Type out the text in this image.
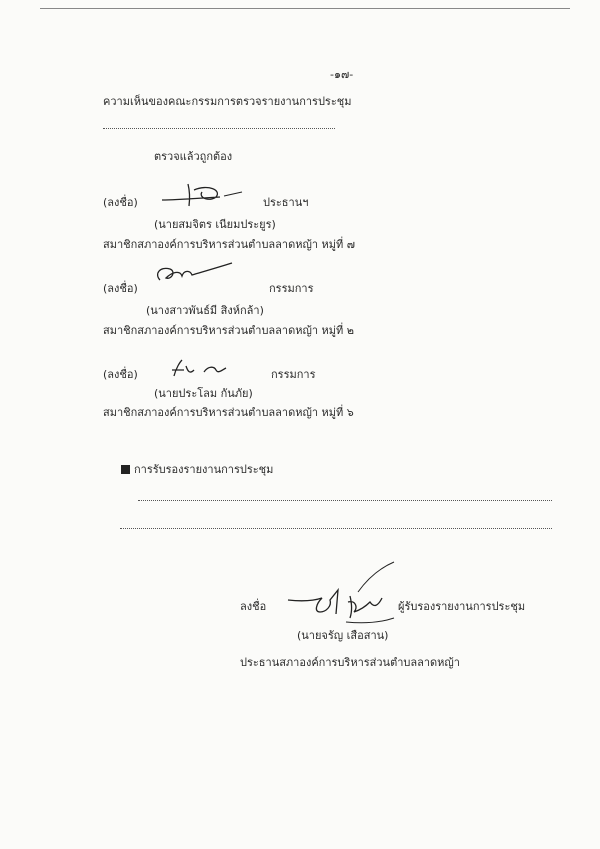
-๑๗-
ความเห็นของคณะกรรมการตรวจรายงานการประชุม
ตรวจแล้วถูกต้อง
(ลงชื่อ)	ประธานฯ
(นายสมจิตร เนียมประยูร)
สมาชิกสภาองค์การบริหารส่วนตำบลลาดหญ้า หมู่ที่ ๗
(ลงชื่อ)	กรรมการ
(นางสาวพันธ์มี สิงห์กล้า)
สมาชิกสภาองค์การบริหารส่วนตำบลลาดหญ้า หมู่ที่ ๒
(ลงชื่อ)	กรรมการ
(นายประโลม กันภัย)
สมาชิกสภาองค์การบริหารส่วนตำบลลาดหญ้า หมู่ที่ ๖
การรับรองรายงานการประชุม
ลงชื่อ	ผู้รับรองรายงานการประชุม
(นายจรัญ เสือสาน)
ประธานสภาองค์การบริหารส่วนตำบลลาดหญ้า
